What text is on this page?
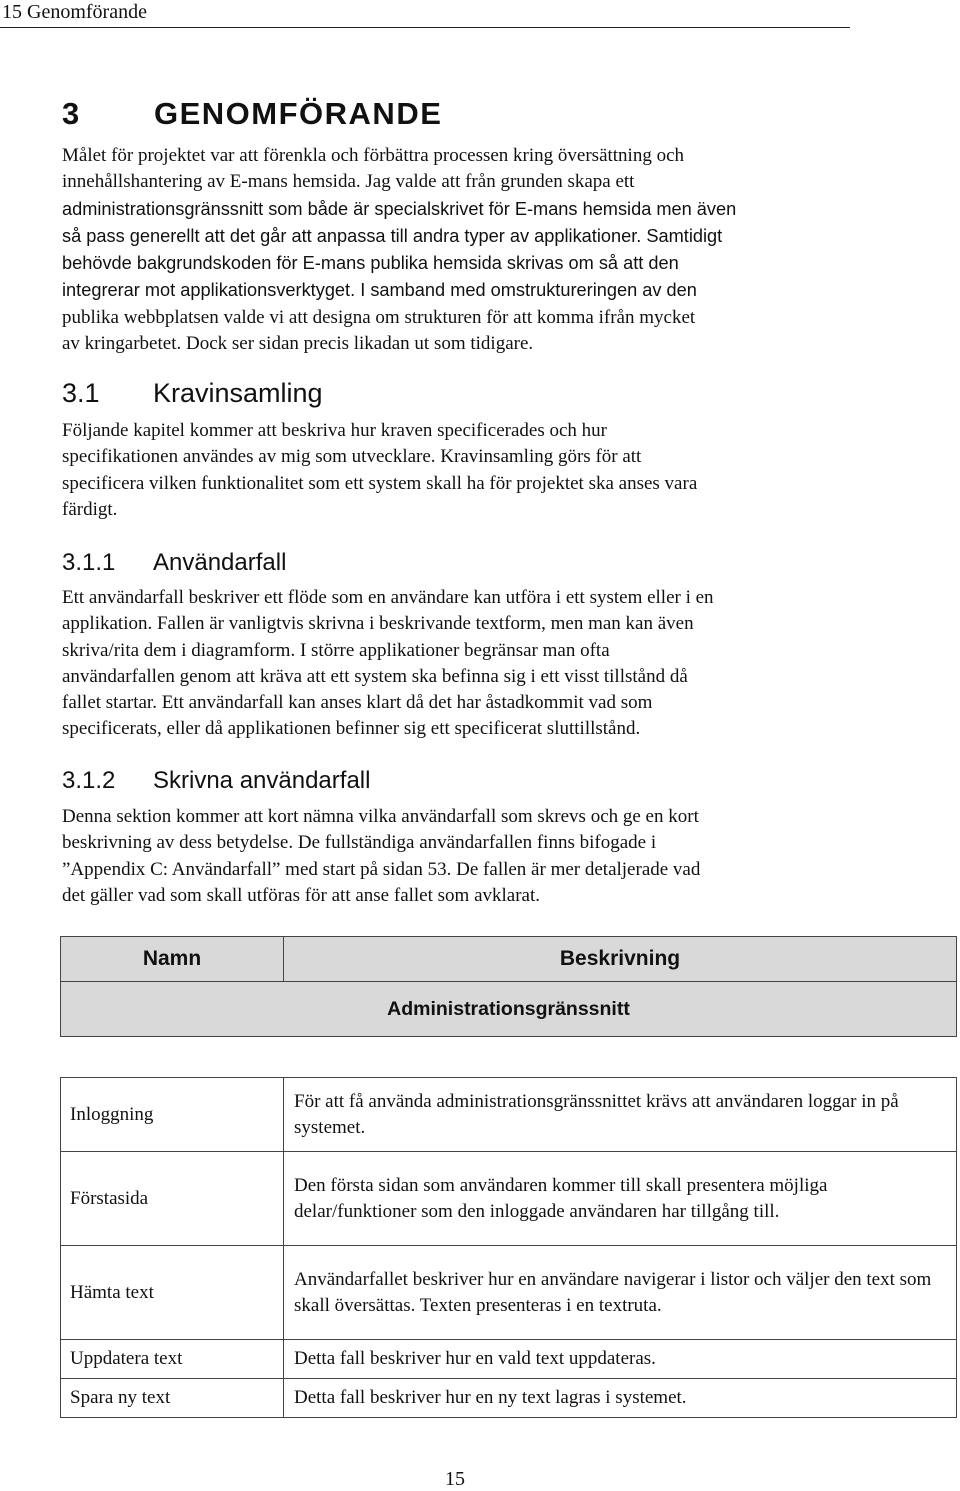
15 Genomförande
3 GENOMFÖRANDE

Målet för projektet var att förenkla och förbättra processen kring översättning och
innehållshantering av E-mans hemsida. Jag valde att från grunden skapa ett
administrationsgränssnitt som både är specialskrivet för E-mans hemsida men även
så pass generellt att det går att anpassa till andra typer av applikationer. Samtidigt
behövde bakgrundskoden för E-mans publika hemsida skrivas om så att den
integrerar mot applikationsverktyget. I samband med omstruktureringen av den
publika webbplatsen valde vi att designa om strukturen för att komma ifrån mycket
av kringarbetet. Dock ser sidan precis likadan ut som tidigare.

3.1 Kravinsamling

Följande kapitel kommer att beskriva hur kraven specificerades och hur
specifikationen användes av mig som utvecklare. Kravinsamling görs för att
specificera vilken funktionalitet som ett system skall ha för projektet ska anses vara
färdigt.

3.1.1 Användarfall

Ett användarfall beskriver ett flöde som en användare kan utföra i ett system eller i en
applikation. Fallen är vanligtvis skrivna i beskrivande textform, men man kan även
skriva/rita dem i diagramform. I större applikationer begränsar man ofta
användarfallen genom att kräva att ett system ska befinna sig i ett visst tillstånd då
fallet startar. Ett användarfall kan anses klart då det har åstadkommit vad som
specificerats, eller då applikationen befinner sig ett specificerat sluttillstånd.

3.1.2 Skrivna användarfall

Denna sektion kommer att kort nämna vilka användarfall som skrevs och ge en kort
beskrivning av dess betydelse. De fullständiga användarfallen finns bifogade i
”Appendix C: Användarfall” med start på sidan 53. De fallen är mer detaljerade vad
det gäller vad som skall utföras för att anse fallet som avklarat.

Namn	Beskrivning
Administrationsgränssnitt	

Inloggning	För att få använda administrationsgränssnittet krävs att användaren loggar in på systemet.
Förstasida	Den första sidan som användaren kommer till skall presentera möjliga delar/funktioner som den inloggade användaren har tillgång till.
Hämta text	Användarfallet beskriver hur en användare navigerar i listor och väljer den text som skall översättas. Texten presenteras i en textruta.
Uppdatera text	Detta fall beskriver hur en vald text uppdateras.
Spara ny text	Detta fall beskriver hur en ny text lagras i systemet.
15
